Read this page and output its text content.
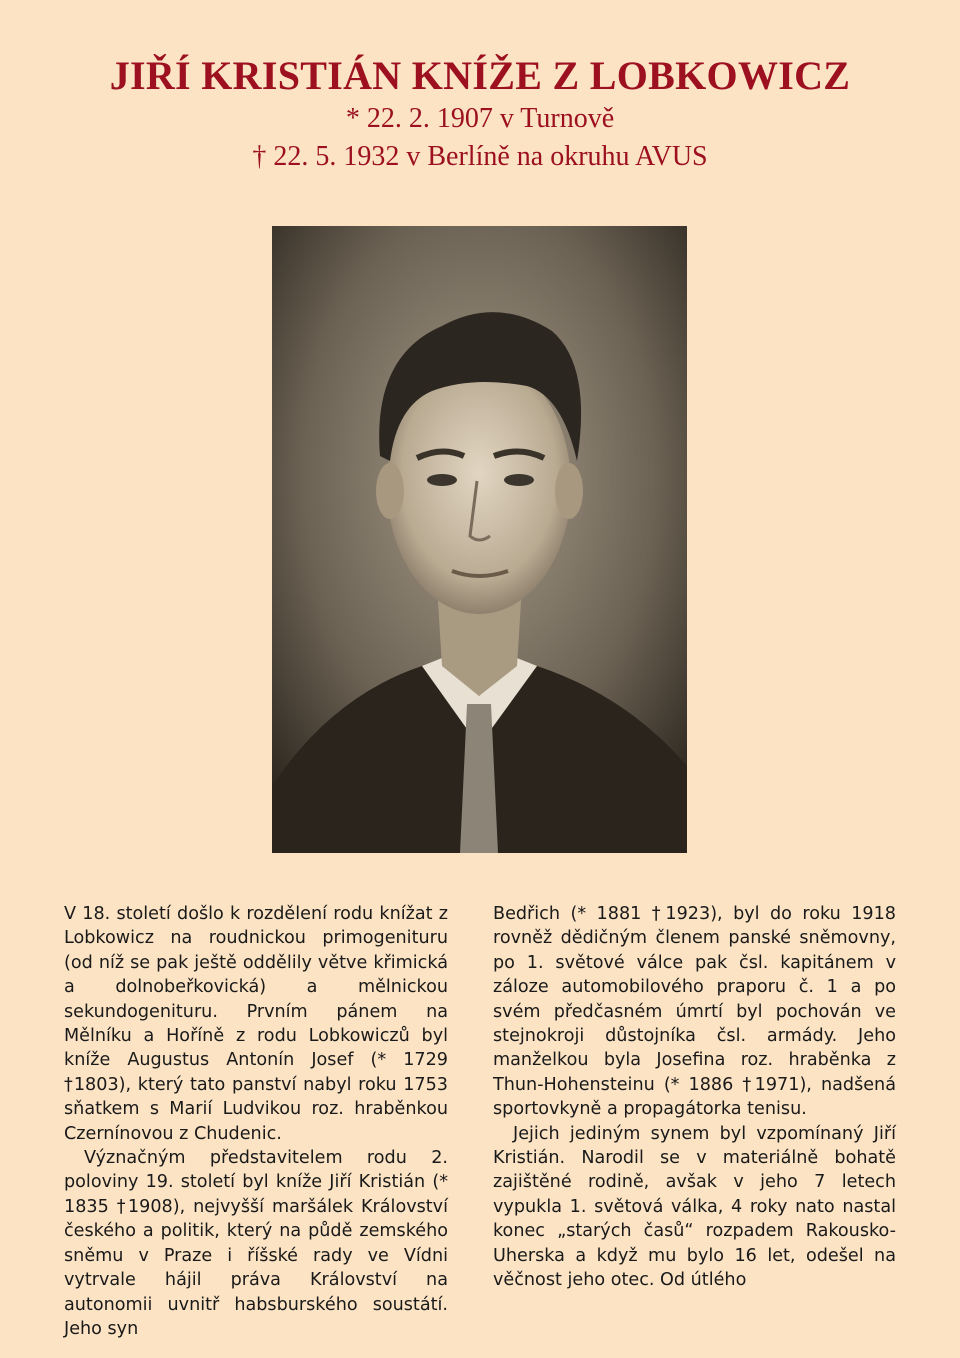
JIŘÍ KRISTIÁN KNÍŽE Z LOBKOWICZ

* 22. 2. 1907 v Turnově

† 22. 5. 1932 v Berlíně na okruhu AVUS

V 18. století došlo k rozdělení rodu knížat z Lobkowicz na roudnickou primogenituru (od níž se pak ještě oddělily větve křimická a dolnobeřkovická) a mělnickou sekundogenituru. Prvním pánem na Mělníku a Hoříně z rodu Lobkowiczů byl kníže Augustus Antonín Josef (* 1729 †1803), který tato panství nabyl roku 1753 sňatkem s Marií Ludvikou roz. hraběnkou Czernínovou z Chudenic.

Význačným představitelem rodu 2. poloviny 19. století byl kníže Jiří Kristián (* 1835 †1908), nejvyšší maršálek Království českého a politik, který na půdě zemského sněmu v Praze i říšské rady ve Vídni vytrvale hájil práva Království na autonomii uvnitř habsburského soustátí. Jeho syn

Bedřich (* 1881 †1923), byl do roku 1918 rovněž dědičným členem panské sněmovny, po 1. světové válce pak čsl. kapitánem v záloze automobilového praporu č. 1 a po svém předčasném úmrtí byl pochován ve stejnokroji důstojníka čsl. armády. Jeho manželkou byla Josefina roz. hraběnka z Thun-Hohensteinu (* 1886 †1971), nadšená sportovkyně a propagátorka tenisu.

Jejich jediným synem byl vzpomínaný Jiří Kristián. Narodil se v materiálně bohatě zajištěné rodině, avšak v jeho 7 letech vypukla 1. světová válka, 4 roky nato nastal konec „starých časů“ rozpadem Rakousko-Uherska a když mu bylo 16 let, odešel na věčnost jeho otec. Od útlého
